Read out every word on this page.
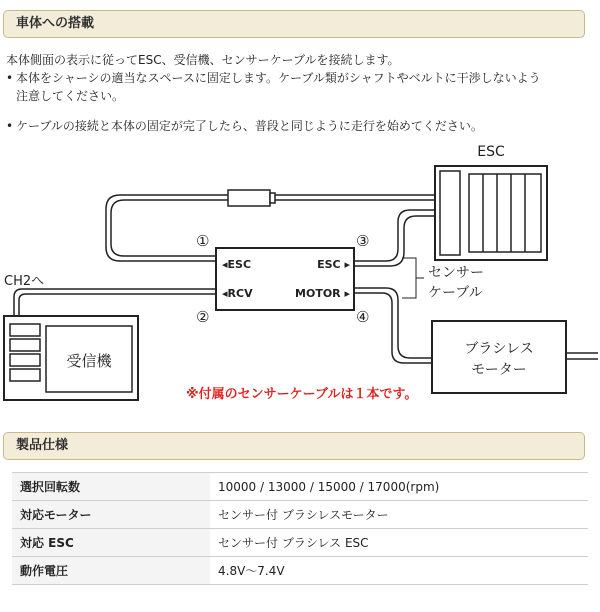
車体への搭載

本体側面の表示に従ってESC、受信機、センサーケーブルを接続します。

• 本体をシャーシの適当なスペースに固定します。ケーブル類がシャフトやベルトに干渉しないよう
注意してください。
• ケーブルの接続と本体の固定が完了したら、普段と同じように走行を始めてください。
ESC
◂ESC	ESC ▸
◂RCV	MOTOR ▸
①
②
③
④
センサー
ケーブル
CH2へ
受信機
ブラシレス
モーター
※付属のセンサーケーブルは１本です。
製品仕様
選択回転数	10000 / 13000 / 15000 / 17000(rpm)
対応モーター	センサー付 ブラシレスモーター
対応 ESC	センサー付 ブラシレス ESC
動作電圧	4.8V〜7.4V
